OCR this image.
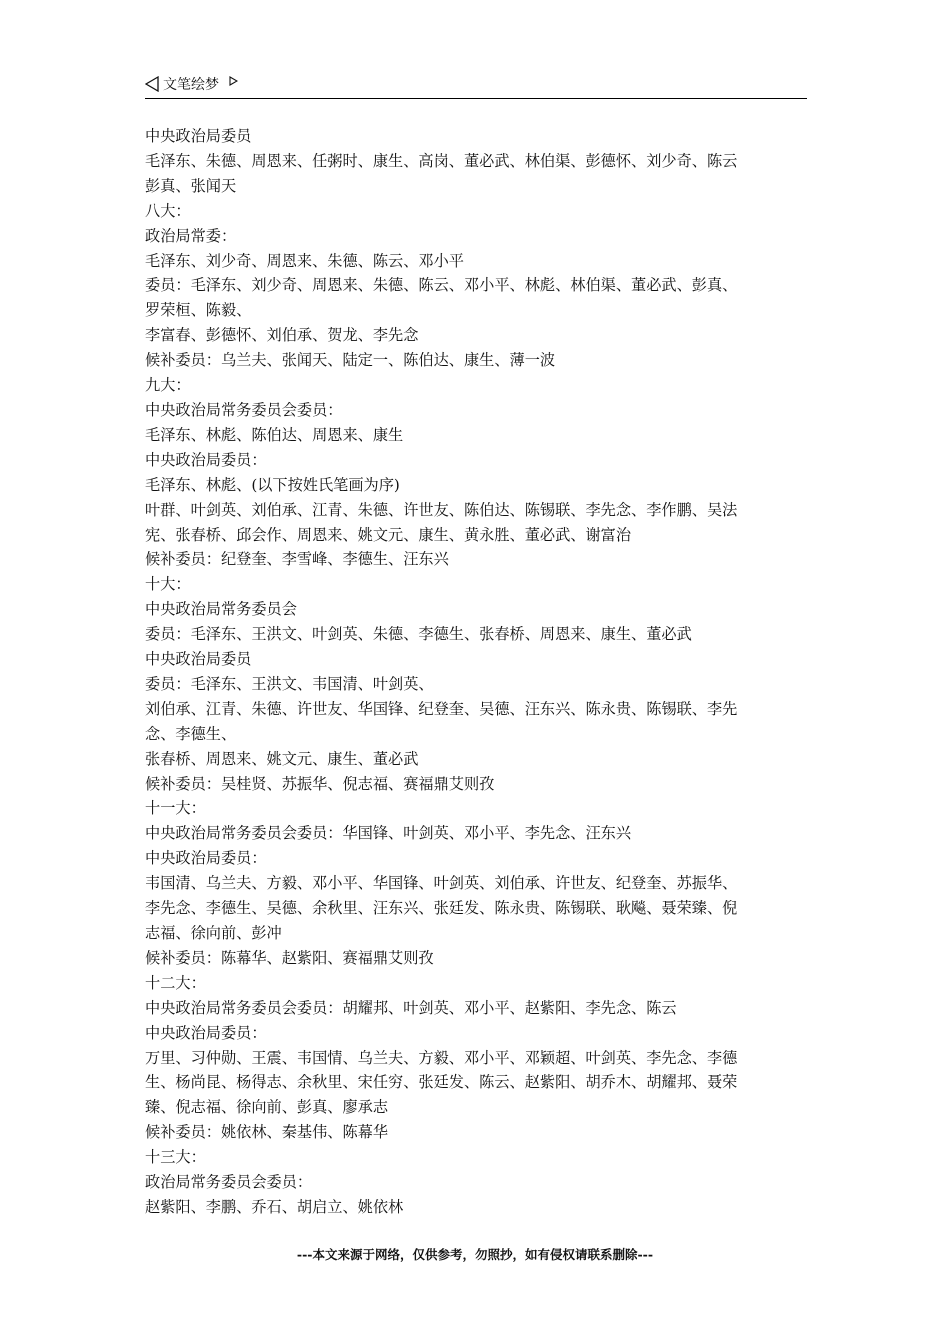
文笔绘梦
中央政治局委员
毛泽东、朱德、周恩来、任粥时、康生、高岗、董必武、林伯渠、彭德怀、刘少奇、陈云
彭真、张闻天
八大：
政治局常委：
毛泽东、刘少奇、周恩来、朱德、陈云、邓小平
委员：毛泽东、刘少奇、周恩来、朱德、陈云、邓小平、林彪、林伯渠、董必武、彭真、
罗荣桓、陈毅、
李富春、彭德怀、刘伯承、贺龙、李先念
候补委员：乌兰夫、张闻天、陆定一、陈伯达、康生、薄一波
九大：
中央政治局常务委员会委员：
毛泽东、林彪、陈伯达、周恩来、康生
中央政治局委员：
毛泽东、林彪、(以下按姓氏笔画为序)
叶群、叶剑英、刘伯承、江青、朱德、许世友、陈伯达、陈锡联、李先念、李作鹏、吴法
宪、张春桥、邱会作、周恩来、姚文元、康生、黄永胜、董必武、谢富治
候补委员：纪登奎、李雪峰、李德生、汪东兴
十大：
中央政治局常务委员会
委员：毛泽东、王洪文、叶剑英、朱德、李德生、张春桥、周恩来、康生、董必武
中央政治局委员
委员：毛泽东、王洪文、韦国清、叶剑英、
刘伯承、江青、朱德、许世友、华国锋、纪登奎、吴德、汪东兴、陈永贵、陈锡联、李先
念、李德生、
张春桥、周恩来、姚文元、康生、董必武
候补委员：吴桂贤、苏振华、倪志福、赛福鼎艾则孜
十一大：
中央政治局常务委员会委员：华国锋、叶剑英、邓小平、李先念、汪东兴
中央政治局委员：
韦国清、乌兰夫、方毅、邓小平、华国锋、叶剑英、刘伯承、许世友、纪登奎、苏振华、
李先念、李德生、吴德、余秋里、汪东兴、张廷发、陈永贵、陈锡联、耿飚、聂荣臻、倪
志福、徐向前、彭冲
候补委员：陈幕华、赵紫阳、赛福鼎艾则孜
十二大：
中央政治局常务委员会委员：胡耀邦、叶剑英、邓小平、赵紫阳、李先念、陈云
中央政治局委员：
万里、习仲勋、王震、韦国情、乌兰夫、方毅、邓小平、邓颖超、叶剑英、李先念、李德
生、杨尚昆、杨得志、余秋里、宋任穷、张廷发、陈云、赵紫阳、胡乔木、胡耀邦、聂荣
臻、倪志福、徐向前、彭真、廖承志
候补委员：姚依林、秦基伟、陈幕华
十三大：
政治局常务委员会委员：
赵紫阳、李鹏、乔石、胡启立、姚依林
---本文来源于网络，仅供参考，勿照抄，如有侵权请联系删除---
